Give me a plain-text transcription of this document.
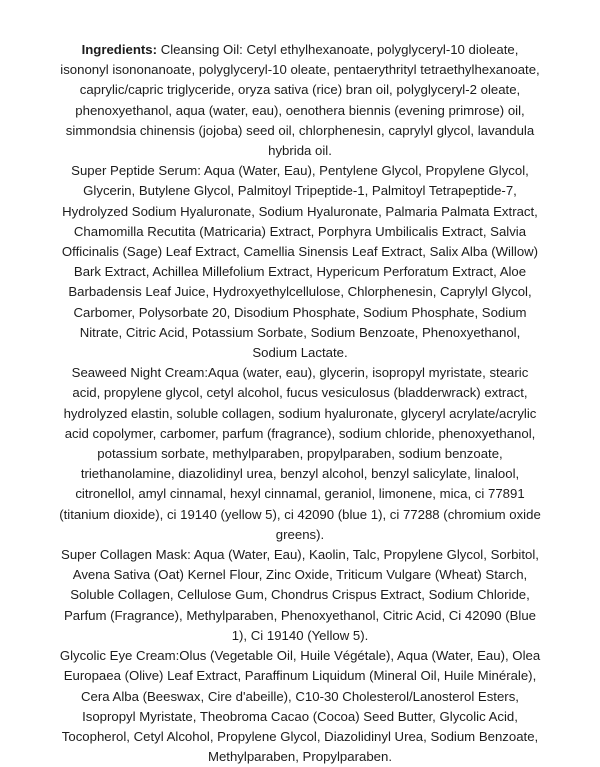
Ingredients: Cleansing Oil: Cetyl ethylhexanoate, polyglyceryl-10 dioleate, isononyl isononanoate, polyglyceryl-10 oleate, pentaerythrityl tetraethylhexanoate, caprylic/capric triglyceride, oryza sativa (rice) bran oil, polyglyceryl-2 oleate, phenoxyethanol, aqua (water, eau), oenothera biennis (evening primrose) oil, simmondsia chinensis (jojoba) seed oil, chlorphenesin, caprylyl glycol, lavandula hybrida oil.

Super Peptide Serum: Aqua (Water, Eau), Pentylene Glycol, Propylene Glycol, Glycerin, Butylene Glycol, Palmitoyl Tripeptide-1, Palmitoyl Tetrapeptide-7, Hydrolyzed Sodium Hyaluronate, Sodium Hyaluronate, Palmaria Palmata Extract, Chamomilla Recutita (Matricaria) Extract, Porphyra Umbilicalis Extract, Salvia Officinalis (Sage) Leaf Extract, Camellia Sinensis Leaf Extract, Salix Alba (Willow) Bark Extract, Achillea Millefolium Extract, Hypericum Perforatum Extract, Aloe Barbadensis Leaf Juice, Hydroxyethylcellulose, Chlorphenesin, Caprylyl Glycol, Carbomer, Polysorbate 20, Disodium Phosphate, Sodium Phosphate, Sodium Nitrate, Citric Acid, Potassium Sorbate, Sodium Benzoate, Phenoxyethanol, Sodium Lactate.

Seaweed Night Cream:Aqua (water, eau), glycerin, isopropyl myristate, stearic acid, propylene glycol, cetyl alcohol, fucus vesiculosus (bladderwrack) extract, hydrolyzed elastin, soluble collagen, sodium hyaluronate, glyceryl acrylate/acrylic acid copolymer, carbomer, parfum (fragrance), sodium chloride, phenoxyethanol, potassium sorbate, methylparaben, propylparaben, sodium benzoate, triethanolamine, diazolidinyl urea, benzyl alcohol, benzyl salicylate, linalool, citronellol, amyl cinnamal, hexyl cinnamal, geraniol, limonene, mica, ci 77891 (titanium dioxide), ci 19140 (yellow 5), ci 42090 (blue 1), ci 77288 (chromium oxide greens).

Super Collagen Mask: Aqua (Water, Eau), Kaolin, Talc, Propylene Glycol, Sorbitol, Avena Sativa (Oat) Kernel Flour, Zinc Oxide, Triticum Vulgare (Wheat) Starch, Soluble Collagen, Cellulose Gum, Chondrus Crispus Extract, Sodium Chloride, Parfum (Fragrance), Methylparaben, Phenoxyethanol, Citric Acid, Ci 42090 (Blue 1), Ci 19140 (Yellow 5).

Glycolic Eye Cream:Olus (Vegetable Oil, Huile Végétale), Aqua (Water, Eau), Olea Europaea (Olive) Leaf Extract, Paraffinum Liquidum (Mineral Oil, Huile Minérale), Cera Alba (Beeswax, Cire d'abeille), C10-30 Cholesterol/Lanosterol Esters, Isopropyl Myristate, Theobroma Cacao (Cocoa) Seed Butter, Glycolic Acid, Tocopherol, Cetyl Alcohol, Propylene Glycol, Diazolidinyl Urea, Sodium Benzoate, Methylparaben, Propylparaben.
